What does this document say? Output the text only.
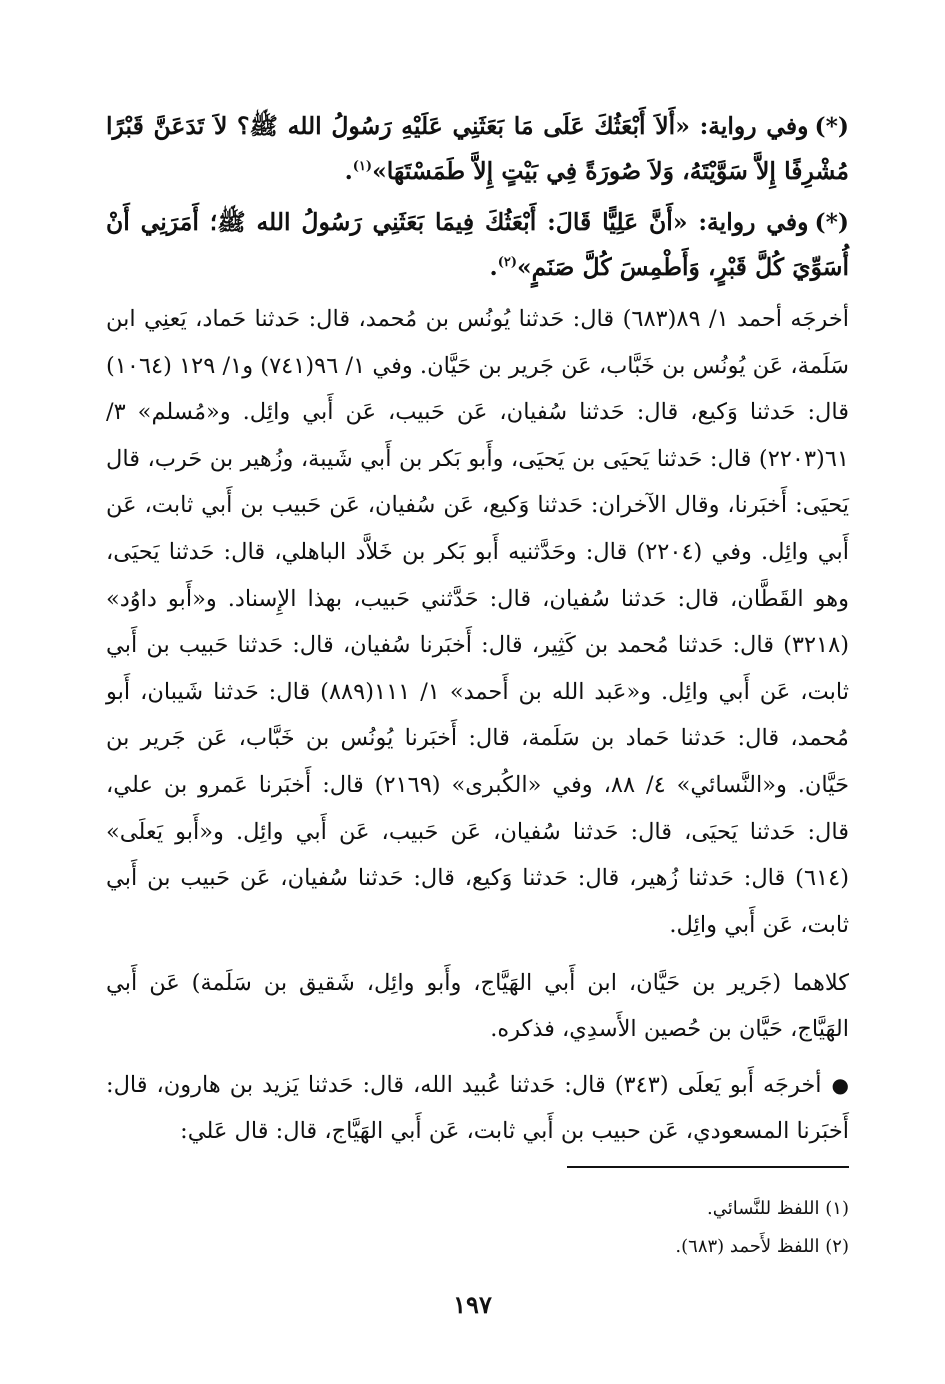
(*)وفي رواية: «أَلاَ أَبْعَثُكَ عَلَى مَا بَعَثَنِي عَلَيْهِ رَسُولُ الله ﷺ؟ لاَ تَدَعَنَّ قَبْرًا مُشْرِفًا إِلاَّ سَوَّيْتَهُ، وَلاَ صُورَةً فِي بَيْتٍ إِلاَّ طَمَسْتَهَا»$^{(١)}$.

(*)وفي رواية: «أَنَّ عَلِيًّا قَالَ: أَبْعَثُكَ فِيمَا بَعَثَنِي رَسُولُ الله ﷺ؛ أَمَرَنِي أَنْ أُسَوِّيَ كُلَّ قَبْرٍ، وَأَطْمِسَ كُلَّ صَنَمٍ»$^{(٢)}$.

أخرجَه أحمد ١/ ٨٩(٦٨٣) قال: حَدثنا يُونُس بن مُحمد، قال: حَدثنا حَماد، يَعنِي ابن سَلَمة، عَن يُونُس بن خَبَّاب، عَن جَرير بن حَيَّان. وفي ١/ ٩٦(٧٤١) و١/ ١٢٩ (١٠٦٤) قال: حَدثنا وَكيع، قال: حَدثنا سُفيان، عَن حَبيب، عَن أَبي وائِل. و«مُسلم» ٣/ ٦١(٢٢٠٣) قال: حَدثنا يَحيَى بن يَحيَى، وأَبو بَكر بن أَبي شَيبة، وزُهير بن حَرب، قال يَحيَى: أَخبَرنا، وقال الآخران: حَدثنا وَكيع، عَن سُفيان، عَن حَبيب بن أَبي ثابت، عَن أَبي وائِل. وفي (٢٢٠٤) قال: وحَدَّثنيه أَبو بَكر بن خَلاَّد الباهلي، قال: حَدثنا يَحيَى، وهو القَطَّان، قال: حَدثنا سُفيان، قال: حَدَّثني حَبيب، بهذا الإِسناد. و«أَبو داوُد» (٣٢١٨) قال: حَدثنا مُحمد بن كَثِير، قال: أَخبَرنا سُفيان، قال: حَدثنا حَبيب بن أَبي ثابت، عَن أَبي وائِل. و«عَبد الله بن أَحمد» ١/ ١١١(٨٨٩) قال: حَدثنا شَيبان، أَبو مُحمد، قال: حَدثنا حَماد بن سَلَمة، قال: أَخبَرنا يُونُس بن خَبَّاب، عَن جَرير بن حَيَّان. و«النَّسائي» ٤/ ٨٨، وفي «الكُبرى» (٢١٦٩) قال: أَخبَرنا عَمرو بن علي، قال: حَدثنا يَحيَى، قال: حَدثنا سُفيان، عَن حَبيب، عَن أَبي وائِل. و«أَبو يَعلَى» (٦١٤) قال: حَدثنا زُهير، قال: حَدثنا وَكيع، قال: حَدثنا سُفيان، عَن حَبيب بن أَبي ثابت، عَن أَبي وائِل.

كلاهما (جَرير بن حَيَّان، ابن أَبي الهَيَّاج، وأَبو وائِل، شَقيق بن سَلَمة) عَن أَبي الهَيَّاج، حَيَّان بن حُصين الأَسدِي، فذكره.

●أخرجَه أَبو يَعلَى (٣٤٣) قال: حَدثنا عُبيد الله، قال: حَدثنا يَزيد بن هارون، قال: أَخبَرنا المسعودي، عَن حبيب بن أَبي ثابت، عَن أَبي الهَيَّاج، قال: قال عَلي:

(١) اللفظ للنَّسائي.

(٢) اللفظ لأَحمد (٦٨٣).

١٩٧
